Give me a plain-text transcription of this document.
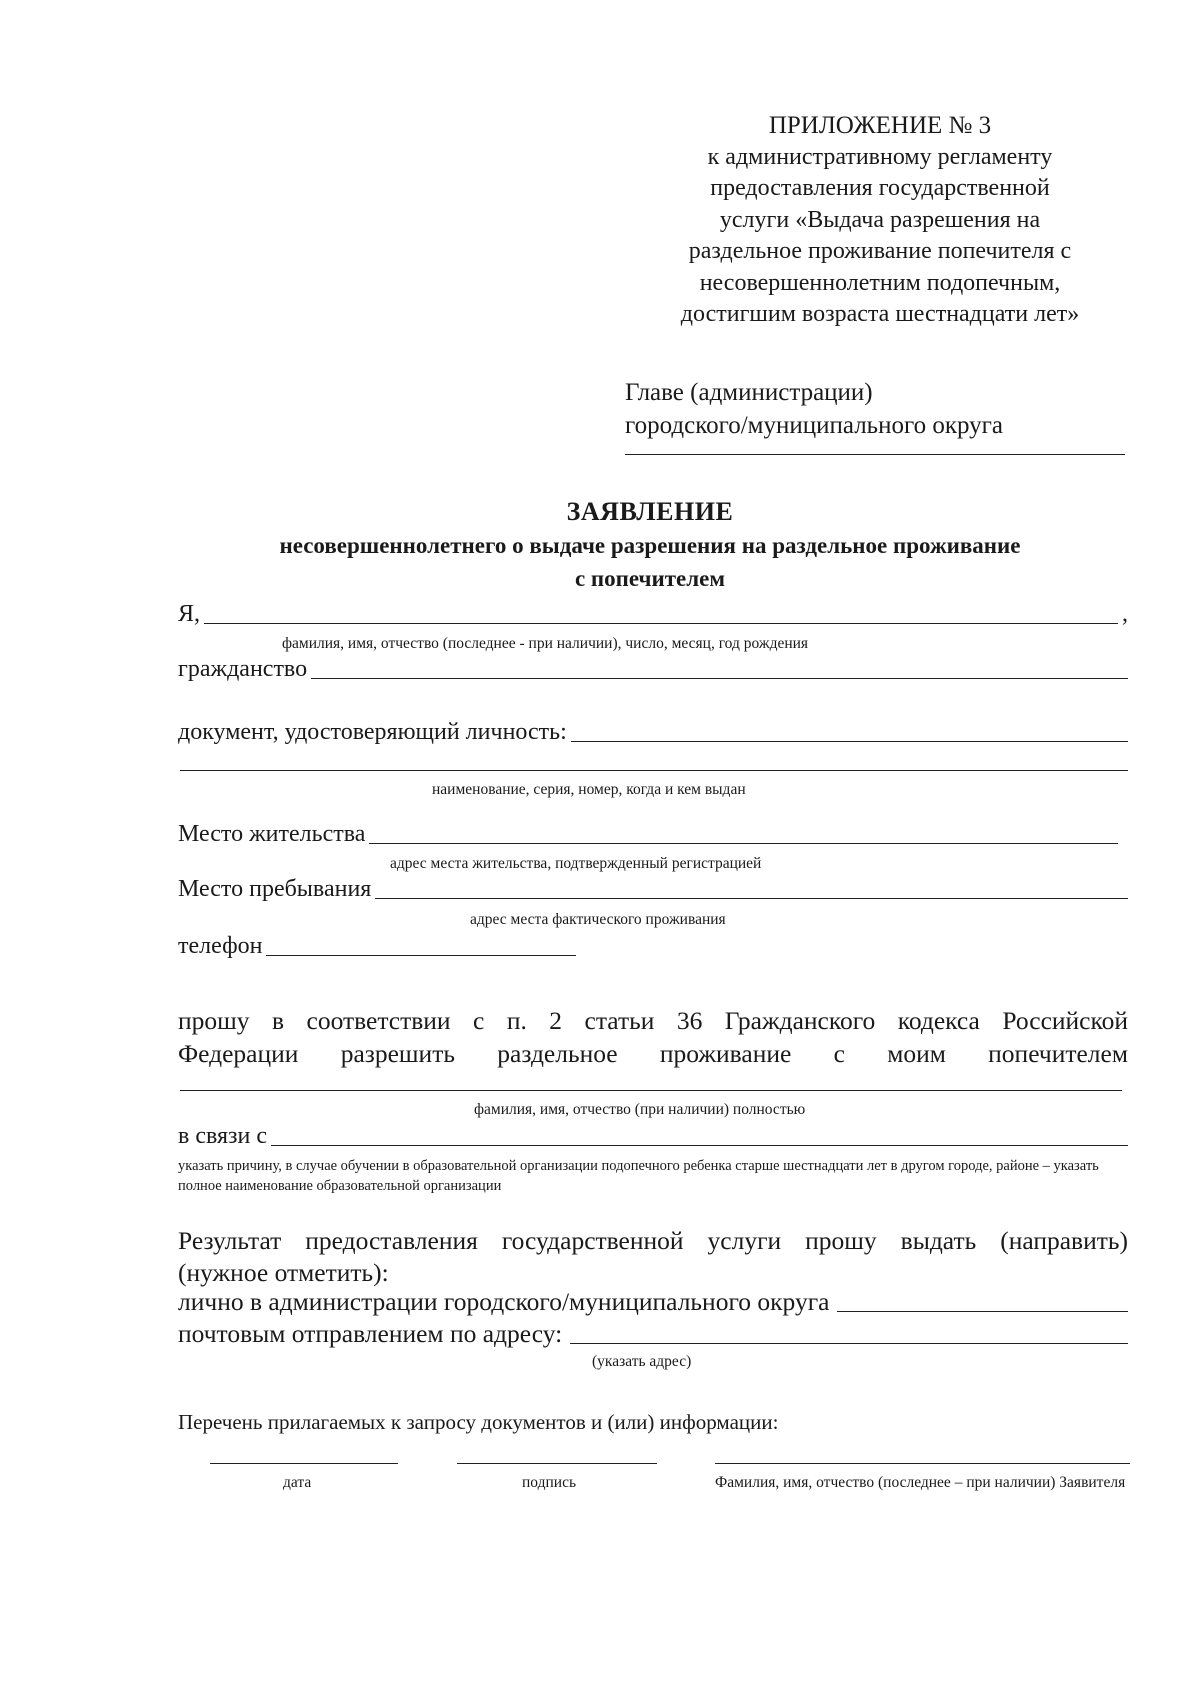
ПРИЛОЖЕНИЕ № 3
к административному регламенту
предоставления государственной
услуги «Выдача разрешения на
раздельное проживание попечителя с
несовершеннолетним подопечным,
достигшим возраста шестнадцати лет»
Главе (администрации)
городского/муниципального округа
ЗАЯВЛЕНИЕ
несовершеннолетнего о выдаче разрешения на раздельное проживание
с попечителем
Я,	,
фамилия, имя, отчество (последнее - при наличии), число, месяц, год рождения
гражданство
документ, удостоверяющий личность:
наименование, серия, номер, когда и кем выдан
Место жительства
адрес места жительства, подтвержденный регистрацией
Место пребывания
адрес места фактического проживания
телефон
прошу в соответствии с п. 2 статьи 36 Гражданского кодекса Российской
Федерации разрешить раздельное проживание с моим попечителем
фамилия, имя, отчество (при наличии) полностью
в связи с
указать причину, в случае обучении в образовательной организации подопечного ребенка старше шестнадцати лет в другом городе, районе – указать полное наименование образовательной организации
Результат предоставления государственной услуги прошу выдать (направить)
(нужное отметить):
лично в администрации городского/муниципального округа
почтовым отправлением по адресу:
(указать адрес)
Перечень прилагаемых к запросу документов и (или) информации:
дата	подпись	Фамилия, имя, отчество (последнее – при наличии) Заявителя
